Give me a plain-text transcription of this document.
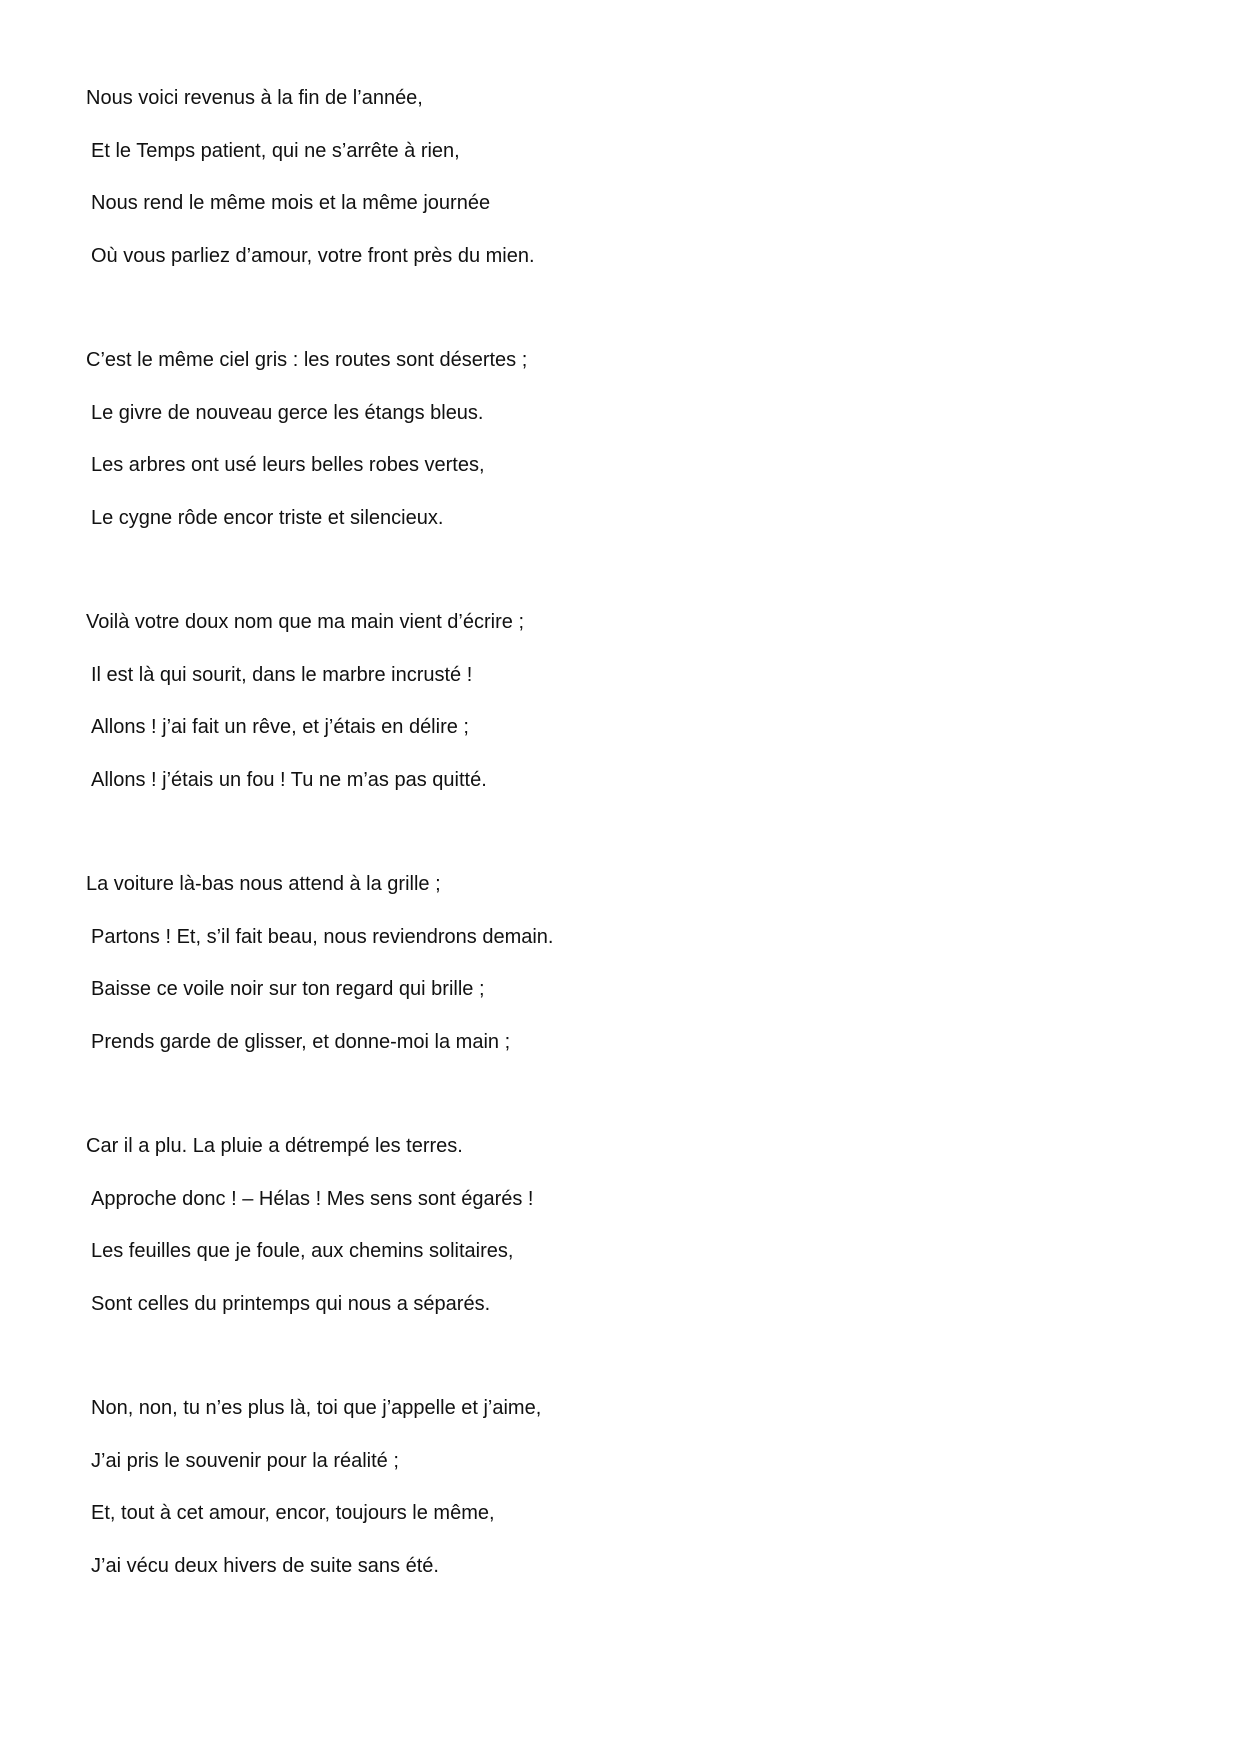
Nous voici revenus à la fin de l’année,

Et le Temps patient, qui ne s’arrête à rien,

Nous rend le même mois et la même journée

Où vous parliez d’amour, votre front près du mien.

C’est le même ciel gris : les routes sont désertes ;

Le givre de nouveau gerce les étangs bleus.

Les arbres ont usé leurs belles robes vertes,

Le cygne rôde encor triste et silencieux.

Voilà votre doux nom que ma main vient d’écrire ;

Il est là qui sourit, dans le marbre incrusté !

Allons ! j’ai fait un rêve, et j’étais en délire ;

Allons ! j’étais un fou ! Tu ne m’as pas quitté.

La voiture là-bas nous attend à la grille ;

Partons ! Et, s’il fait beau, nous reviendrons demain.

Baisse ce voile noir sur ton regard qui brille ;

Prends garde de glisser, et donne-moi la main ;

Car il a plu. La pluie a détrempé les terres.

Approche donc ! – Hélas ! Mes sens sont égarés !

Les feuilles que je foule, aux chemins solitaires,

Sont celles du printemps qui nous a séparés.

Non, non, tu n’es plus là, toi que j’appelle et j’aime,

J’ai pris le souvenir pour la réalité ;

Et, tout à cet amour, encor, toujours le même,

J’ai vécu deux hivers de suite sans été.
